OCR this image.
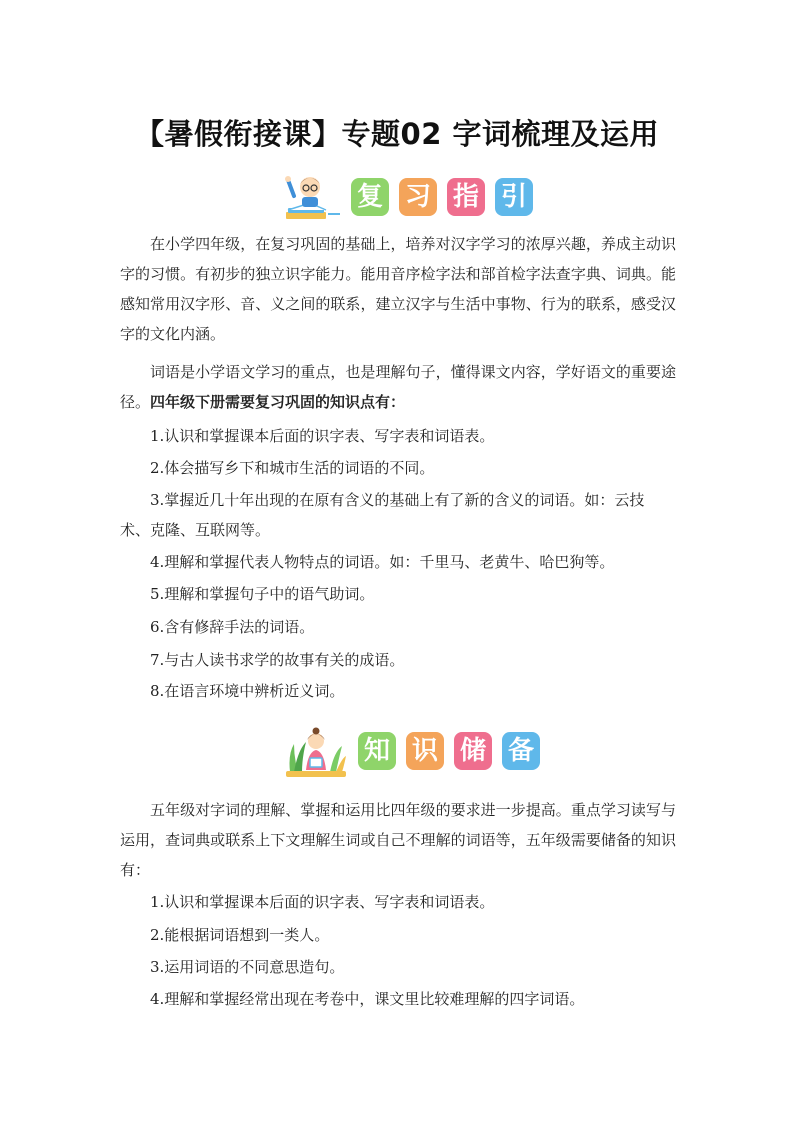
【暑假衔接课】专题02 字词梳理及运用
复 习 指 引

在小学四年级，在复习巩固的基础上，培养对汉字学习的浓厚兴趣，养成主动识字的习惯。有初步的独立识字能力。能用音序检字法和部首检字法查字典、词典。能感知常用汉字形、音、义之间的联系，建立汉字与生活中事物、行为的联系，感受汉字的文化内涵。

词语是小学语文学习的重点，也是理解句子，懂得课文内容，学好语文的重要途径。四年级下册需要复习巩固的知识点有：

1.认识和掌握课本后面的识字表、写字表和词语表。

2.体会描写乡下和城市生活的词语的不同。

3.掌握近几十年出现的在原有含义的基础上有了新的含义的词语。如：云技

术、克隆、互联网等。

4.理解和掌握代表人物特点的词语。如：千里马、老黄牛、哈巴狗等。

5.理解和掌握句子中的语气助词。

6.含有修辞手法的词语。

7.与古人读书求学的故事有关的成语。

8.在语言环境中辨析近义词。

知 识 储 备

五年级对字词的理解、掌握和运用比四年级的要求进一步提高。重点学习读写与运用，查词典或联系上下文理解生词或自己不理解的词语等，五年级需要储备的知识有：

1.认识和掌握课本后面的识字表、写字表和词语表。

2.能根据词语想到一类人。

3.运用词语的不同意思造句。

4.理解和掌握经常出现在考卷中，课文里比较难理解的四字词语。
